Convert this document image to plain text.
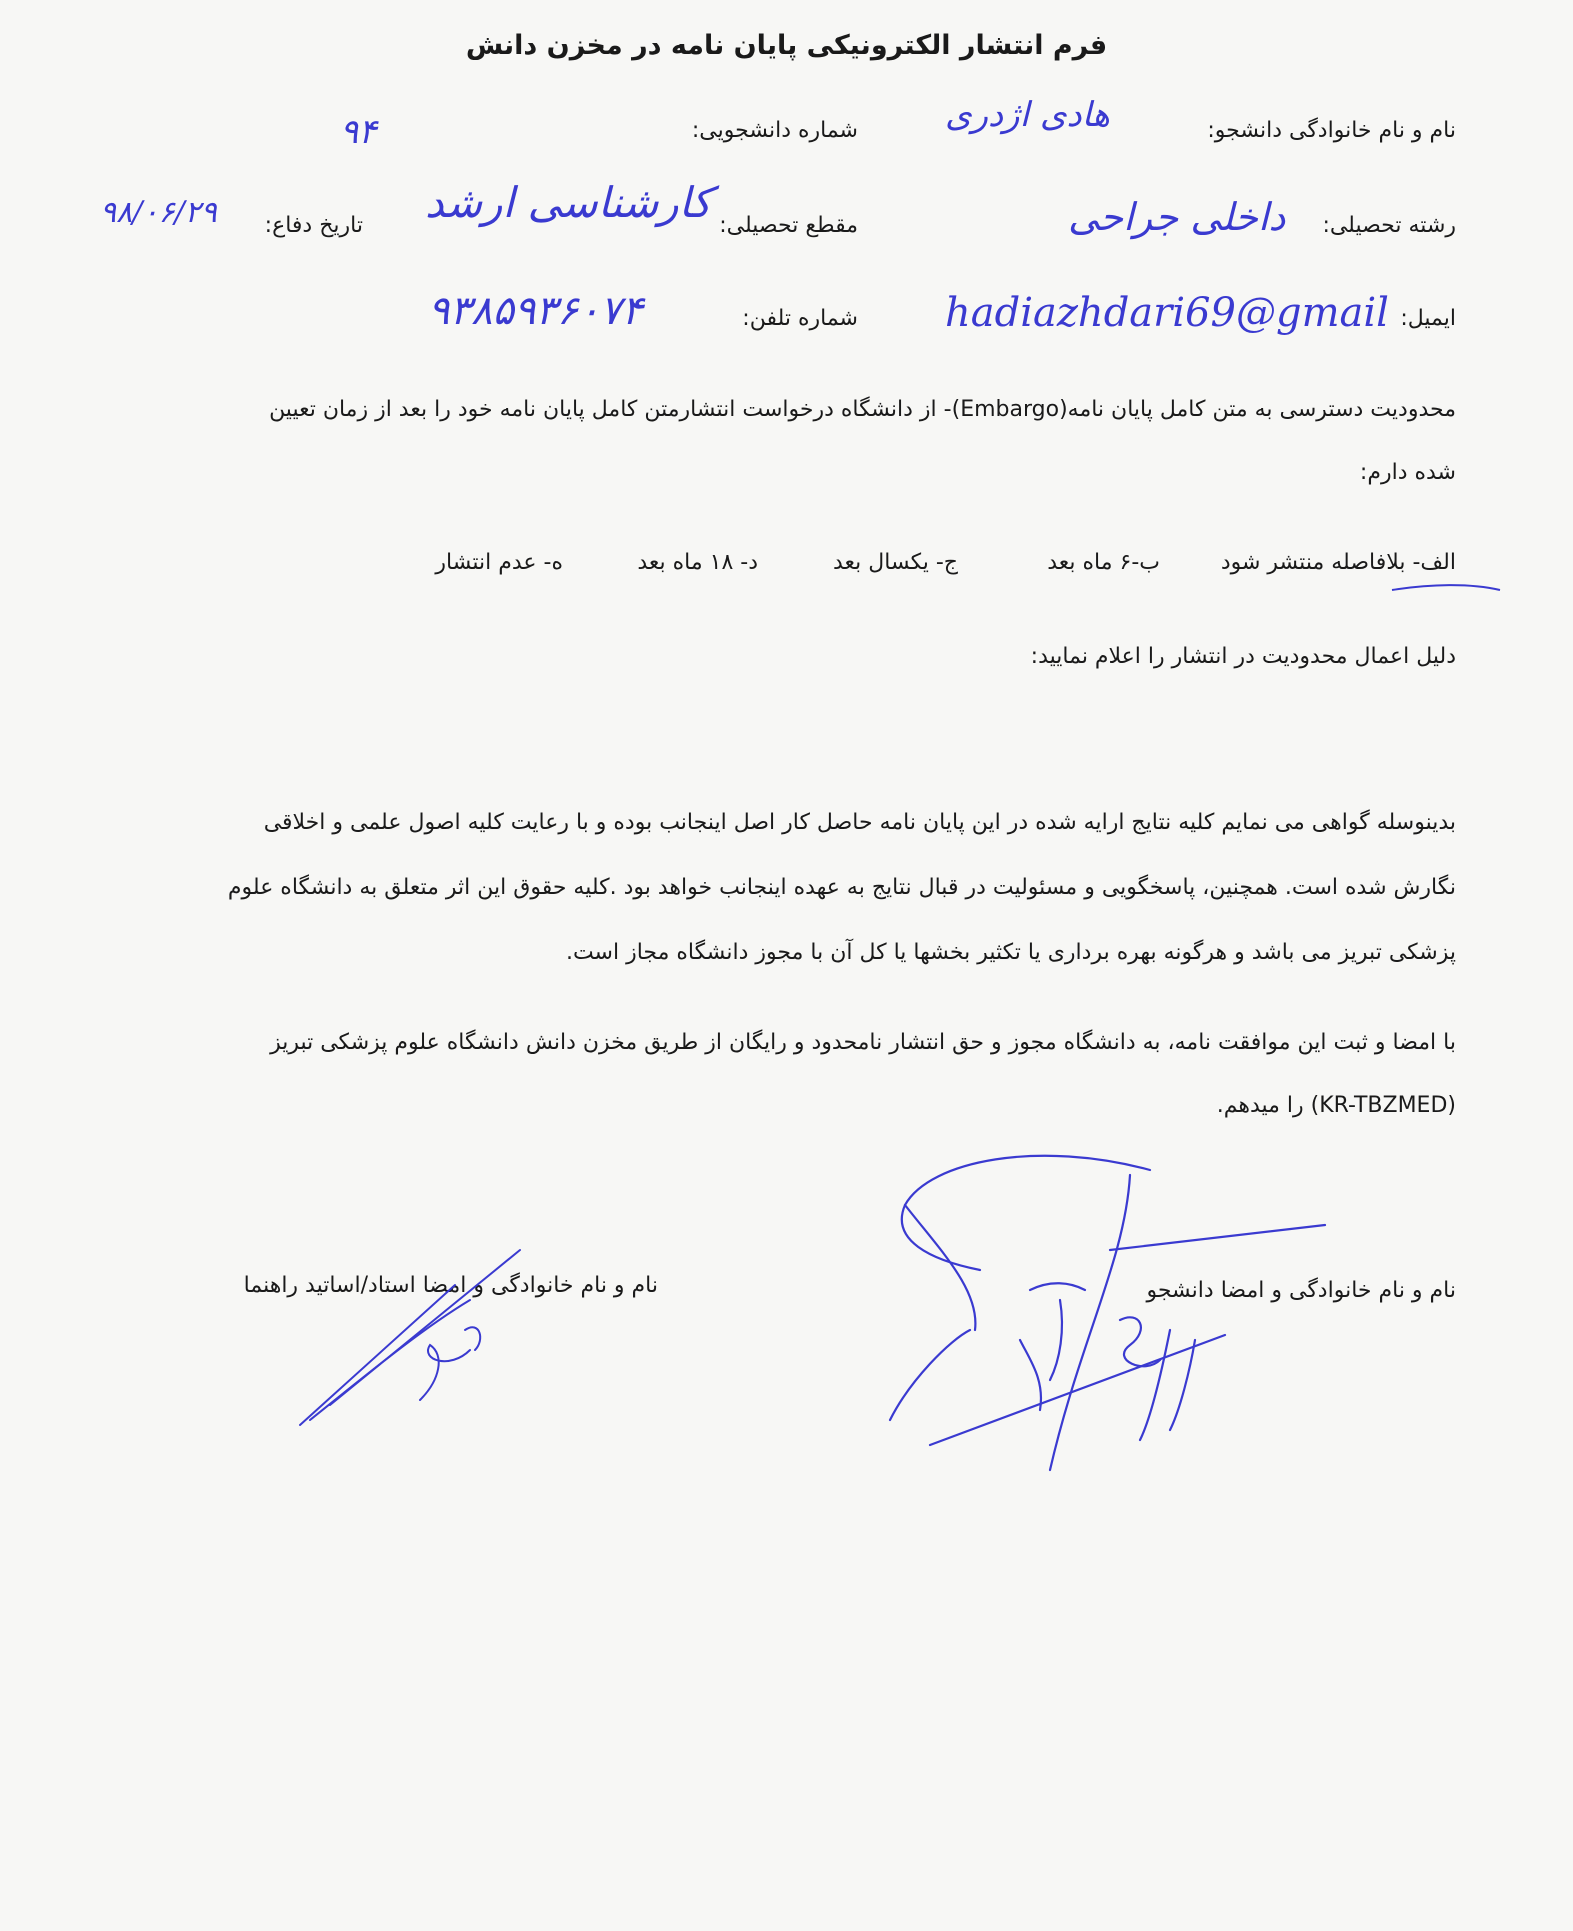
فرم انتشار الکترونیکی پایان نامه در مخزن دانش
نام و نام خانوادگی دانشجو:
هادی اژدری
شماره دانشجویی:
۹۴
رشته تحصیلی:
داخلی جراحی
مقطع تحصیلی:
کارشناسی ارشد
تاریخ دفاع:
۹۸/۰۶/۲۹
ایمیل:
hadiazhdari69@gmail
شماره تلفن:
۹۳۸۵۹۳۶۰۷۴
محدودیت دسترسی به متن کامل پایان نامه(Embargo)- از دانشگاه درخواست انتشارمتن کامل پایان نامه خود را بعد از زمان تعیین
شده دارم:
الف- بلافاصله منتشر شود
ب-۶ ماه بعد
ج- یکسال بعد
د- ۱۸ ماه بعد
ه- عدم انتشار
دلیل اعمال محدودیت در انتشار را اعلام نمایید:
بدینوسله گواهی می نمایم کلیه نتایج ارایه شده در این پایان نامه حاصل کار اصل اینجانب بوده و با رعایت کلیه اصول علمی و اخلاقی
نگارش شده است. همچنین، پاسخگویی و مسئولیت در قبال نتایج به عهده اینجانب خواهد بود .کلیه حقوق این اثر متعلق به دانشگاه علوم
پزشکی تبریز می باشد و هرگونه بهره برداری یا تکثیر بخشها یا کل آن با مجوز دانشگاه مجاز است.
با امضا و ثبت این موافقت نامه، به دانشگاه مجوز و حق انتشار نامحدود و رایگان از طریق مخزن دانش دانشگاه علوم پزشکی تبریز
(KR-TBZMED) را میدهم.
نام و نام خانوادگی و امضا دانشجو
نام و نام خانوادگی و امضا استاد/اساتید راهنما
